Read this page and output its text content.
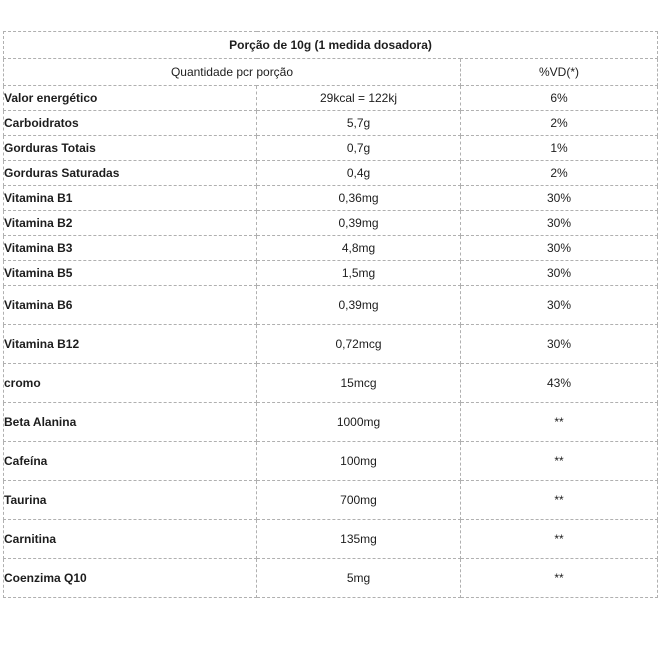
Porção de 10g (1 medida dosadora)		
Quantidade pcr porção		%VD(*)
Valor energético	29kcal = 122kj	6%
Carboidratos	5,7g	2%
Gorduras Totais	0,7g	1%
Gorduras Saturadas	0,4g	2%
Vitamina B1	0,36mg	30%
Vitamina B2	0,39mg	30%
Vitamina B3	4,8mg	30%
Vitamina B5	1,5mg	30%
Vitamina B6	0,39mg	30%
Vitamina B12	0,72mcg	30%
cromo	15mcg	43%
Beta Alanina	1000mg	**
Cafeína	100mg	**
Taurina	700mg	**
Carnitina	135mg	**
Coenzima Q10	5mg	**
